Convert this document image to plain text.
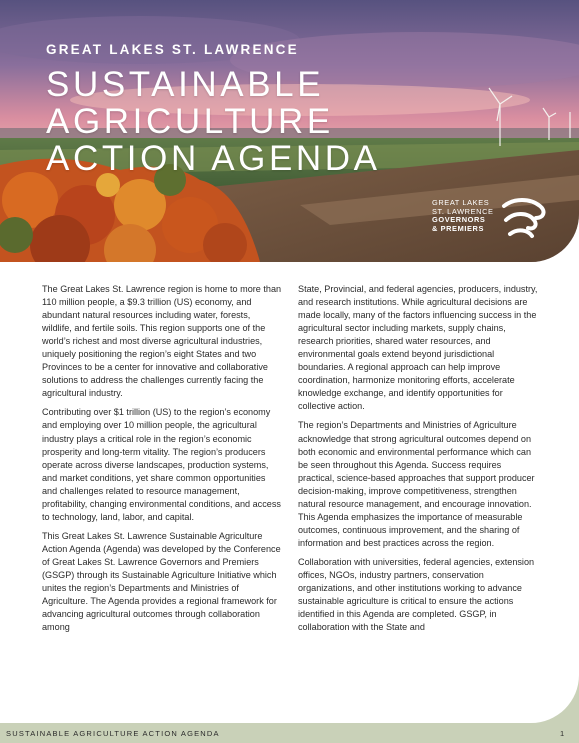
GREAT LAKES ST. LAWRENCE
SUSTAINABLE
AGRICULTURE
ACTION AGENDA
GREAT LAKES
ST. LAWRENCE
GOVERNORS
& PREMIERS

The Great Lakes St. Lawrence region is home to more than 110 million people, a $9.3 trillion (US) economy, and abundant natural resources including water, forests, wildlife, and fertile soils. This region supports one of the world’s richest and most diverse agricultural industries, uniquely positioning the region’s eight States and two Provinces to be a center for innovative and collaborative solutions to address the challenges currently facing the agricultural industry.

Contributing over $1 trillion (US) to the region’s economy and employing over 10 million people, the agricultural industry plays a critical role in the region’s economic prosperity and long-term vitality. The region’s producers operate across diverse landscapes, production systems, and market conditions, yet share common opportunities and challenges related to resource management, profitability, changing environmental conditions, and access to technology, land, labor, and capital.

This Great Lakes St. Lawrence Sustainable Agriculture Action Agenda (Agenda) was developed by the Conference of Great Lakes St. Lawrence Governors and Premiers (GSGP) through its Sustainable Agriculture Initiative which unites the region’s Departments and Ministries of Agriculture. The Agenda provides a regional framework for advancing agricultural outcomes through collaboration among

State, Provincial, and federal agencies, producers, industry, and research institutions. While agricultural decisions are made locally, many of the factors influencing success in the agricultural sector including markets, supply chains, research priorities, shared water resources, and environmental goals extend beyond jurisdictional boundaries. A regional approach can help improve coordination, harmonize monitoring efforts, accelerate knowledge exchange, and identify opportunities for collective action.

The region’s Departments and Ministries of Agriculture acknowledge that strong agricultural outcomes depend on both economic and environmental performance which can be seen throughout this Agenda. Success requires practical, science-based approaches that support producer decision-making, improve competitiveness, strengthen natural resource management, and encourage innovation. This Agenda emphasizes the importance of measurable outcomes, continuous improvement, and the sharing of information and best practices across the region.

Collaboration with universities, federal agencies, extension offices, NGOs, industry partners, conservation organizations, and other institutions working to advance sustainable agriculture is critical to ensure the actions identified in this Agenda are completed. GSGP, in collaboration with the State and

SUSTAINABLE AGRICULTURE ACTION AGENDA	1
